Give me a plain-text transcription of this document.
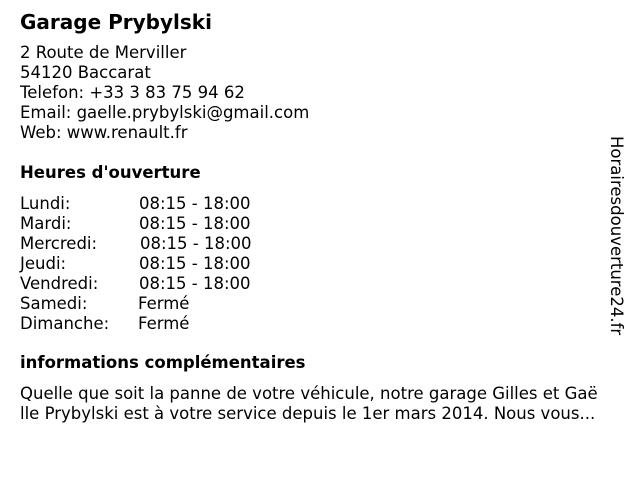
Garage Prybylski
2 Route de Merviller
54120 Baccarat
Telefon: +33 3 83 75 94 62
Email: gaelle.prybylski@gmail.com
Web: www.renault.fr
Heures d'ouverture
Lundi:	08:15 - 18:00
Mardi:	08:15 - 18:00
Mercredi:	08:15 - 18:00
Jeudi:	08:15 - 18:00
Vendredi: 08:15 - 18:00
Samedi:	Fermé
Dimanche: Fermé
informations complémentaires
Quelle que soit la panne de votre véhicule, notre garage Gilles et Gaë
lle Prybylski est à votre service depuis le 1er mars 2014. Nous vous...
Horairesdouverture24.fr
